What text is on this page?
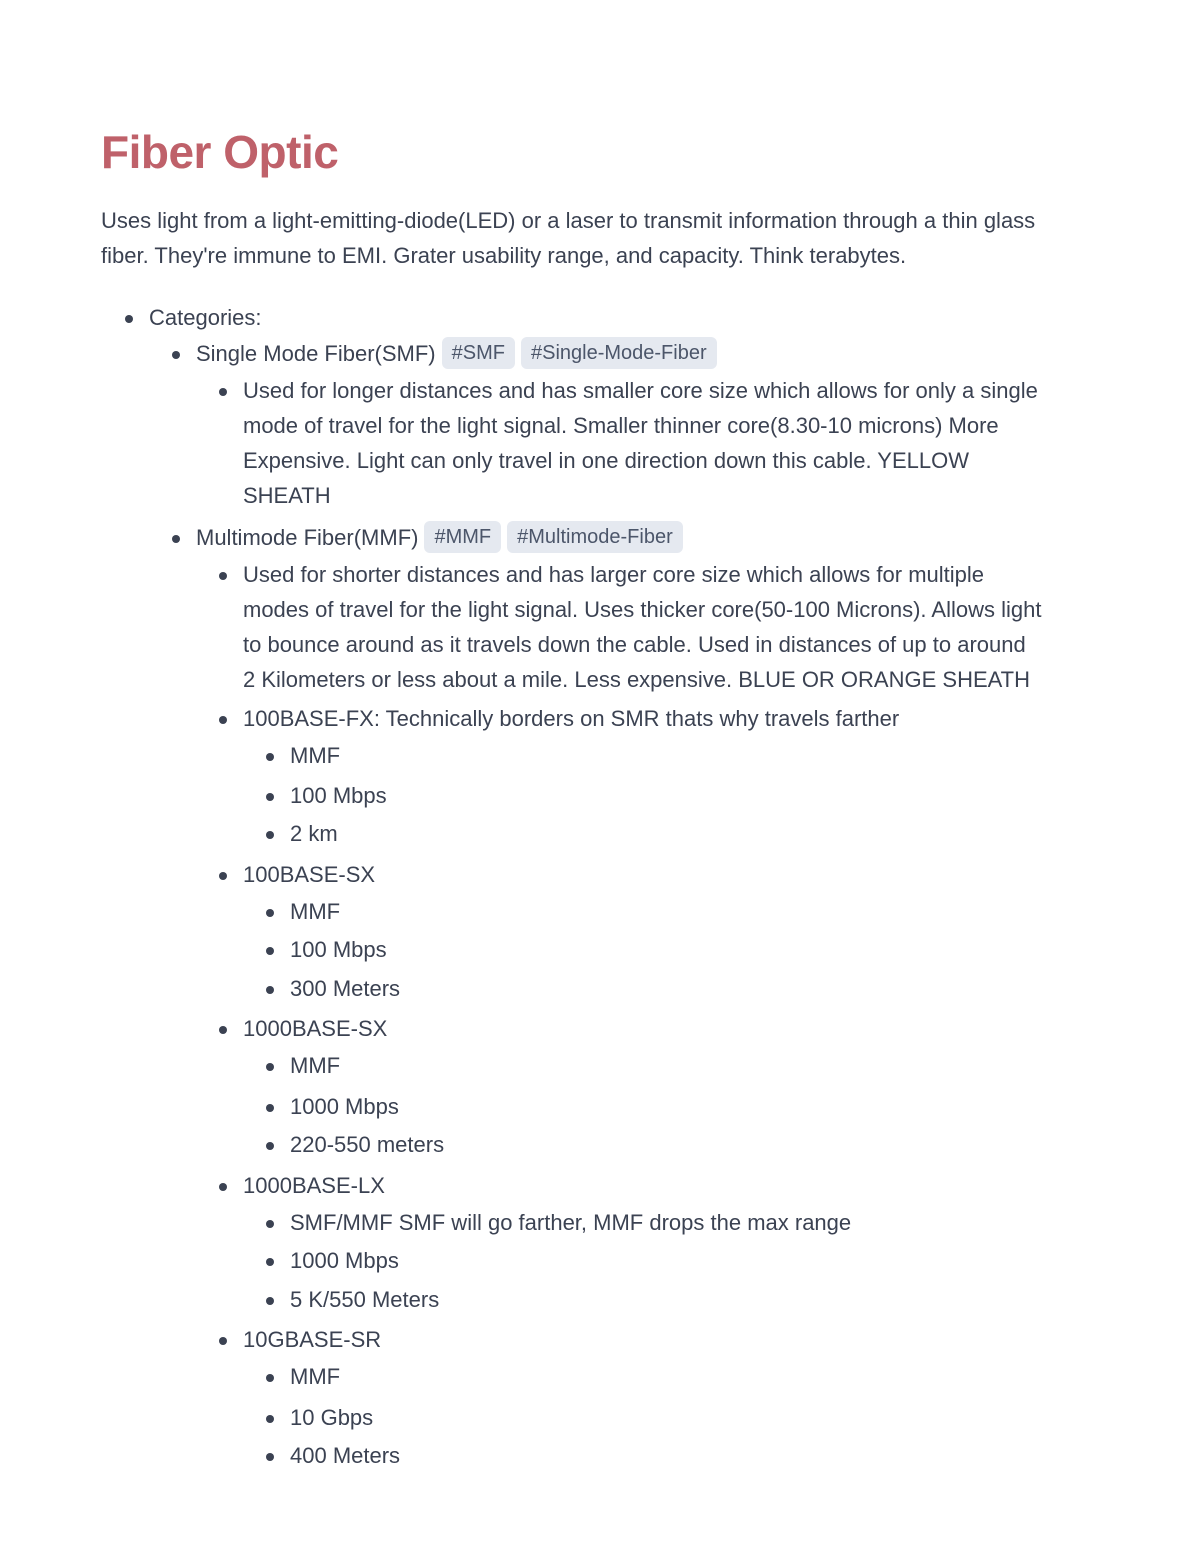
Fiber Optic

Uses light from a light-emitting-diode(LED) or a laser to transmit information through a thin glass fiber. They're immune to EMI. Grater usability range, and capacity. Think terabytes.

Categories:
Single Mode Fiber(SMF) #SMF #Single-Mode-Fiber
Used for longer distances and has smaller core size which allows for only a single
mode of travel for the light signal. Smaller thinner core(8.30-10 microns) More
Expensive. Light can only travel in one direction down this cable. YELLOW
SHEATH
Multimode Fiber(MMF) #MMF #Multimode-Fiber
Used for shorter distances and has larger core size which allows for multiple
modes of travel for the light signal. Uses thicker core(50-100 Microns). Allows light
to bounce around as it travels down the cable. Used in distances of up to around
2 Kilometers or less about a mile. Less expensive. BLUE OR ORANGE SHEATH
100BASE-FX: Technically borders on SMR thats why travels farther
MMF
100 Mbps
2 km
100BASE-SX
MMF
100 Mbps
300 Meters
1000BASE-SX
MMF
1000 Mbps
220-550 meters
1000BASE-LX
SMF/MMF SMF will go farther, MMF drops the max range
1000 Mbps
5 K/550 Meters
10GBASE-SR
MMF
10 Gbps
400 Meters
